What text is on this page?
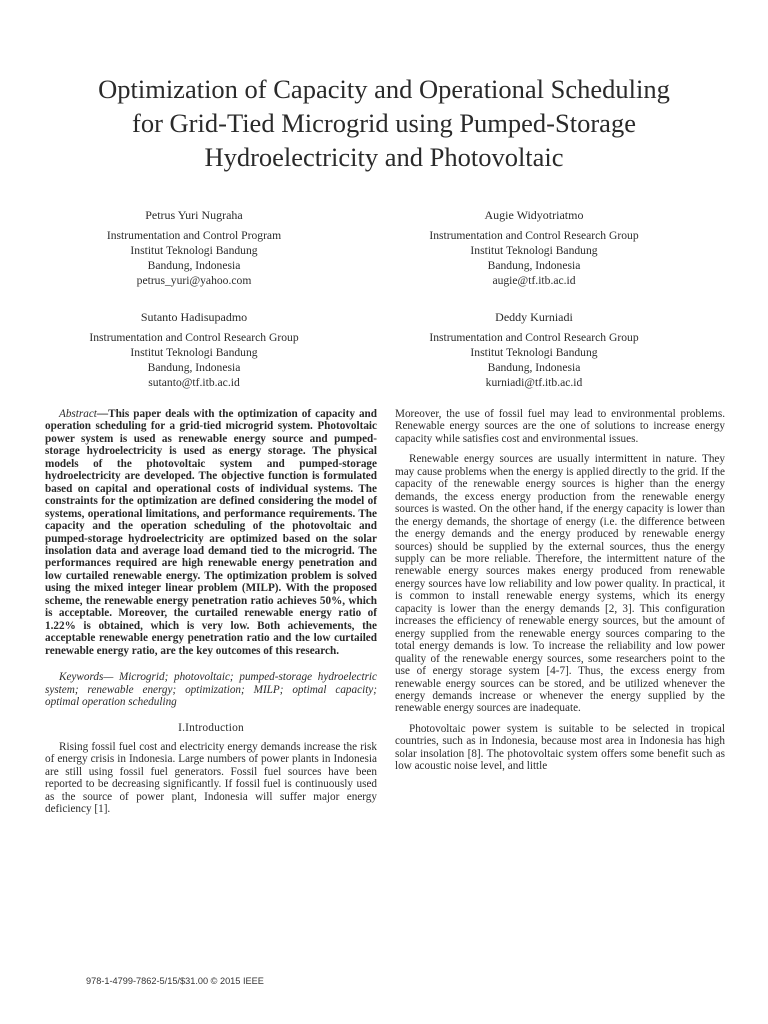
Optimization of Capacity and Operational Scheduling
for Grid-Tied Microgrid using Pumped-Storage
Hydroelectricity and Photovoltaic
Petrus Yuri Nugraha
Instrumentation and Control Program
Institut Teknologi Bandung
Bandung, Indonesia
petrus_yuri@yahoo.com
Augie Widyotriatmo
Instrumentation and Control Research Group
Institut Teknologi Bandung
Bandung, Indonesia
augie@tf.itb.ac.id
Sutanto Hadisupadmo
Instrumentation and Control Research Group
Institut Teknologi Bandung
Bandung, Indonesia
sutanto@tf.itb.ac.id
Deddy Kurniadi
Instrumentation and Control Research Group
Institut Teknologi Bandung
Bandung, Indonesia
kurniadi@tf.itb.ac.id

Abstract—This paper deals with the optimization of capacity and operation scheduling for a grid-tied microgrid system. Photovoltaic power system is used as renewable energy source and pumped-storage hydroelectricity is used as energy storage. The physical models of the photovoltaic system and pumped-storage hydroelectricity are developed. The objective function is formulated based on capital and operational costs of individual systems. The constraints for the optimization are defined considering the model of systems, operational limitations, and performance requirements. The capacity and the operation scheduling of the photovoltaic and pumped-storage hydroelectricity are optimized based on the solar insolation data and average load demand tied to the microgrid. The performances required are high renewable energy penetration and low curtailed renewable energy. The optimization problem is solved using the mixed integer linear problem (MILP). With the proposed scheme, the renewable energy penetration ratio achieves 50%, which is acceptable. Moreover, the curtailed renewable energy ratio of 1.22% is obtained, which is very low. Both achievements, the acceptable renewable energy penetration ratio and the low curtailed renewable energy ratio, are the key outcomes of this research.

Keywords— Microgrid; photovoltaic; pumped-storage hydroelectric system; renewable energy; optimization; MILP; optimal capacity; optimal operation scheduling

I.Introduction

Rising fossil fuel cost and electricity energy demands increase the risk of energy crisis in Indonesia. Large numbers of power plants in Indonesia are still using fossil fuel generators. Fossil fuel sources have been reported to be decreasing significantly. If fossil fuel is continuously used as the source of power plant, Indonesia will suffer major energy deficiency [1].

Moreover, the use of fossil fuel may lead to environmental problems. Renewable energy sources are the one of solutions to increase energy capacity while satisfies cost and environmental issues.

Renewable energy sources are usually intermittent in nature. They may cause problems when the energy is applied directly to the grid. If the capacity of the renewable energy sources is higher than the energy demands, the excess energy production from the renewable energy sources is wasted. On the other hand, if the energy capacity is lower than the energy demands, the shortage of energy (i.e. the difference between the energy demands and the energy produced by renewable energy sources) should be supplied by the external sources, thus the energy supply can be more reliable. Therefore, the intermittent nature of the renewable energy sources makes energy produced from renewable energy sources have low reliability and low power quality. In practical, it is common to install renewable energy systems, which its energy capacity is lower than the energy demands [2, 3]. This configuration increases the efficiency of renewable energy sources, but the amount of energy supplied from the renewable energy sources comparing to the total energy demands is low. To increase the reliability and low power quality of the renewable energy sources, some researchers point to the use of energy storage system [4-7]. Thus, the excess energy from renewable energy sources can be stored, and be utilized whenever the energy demands increase or whenever the energy supplied by the renewable energy sources are inadequate.

Photovoltaic power system is suitable to be selected in tropical countries, such as in Indonesia, because most area in Indonesia has high solar insolation [8]. The photovoltaic system offers some benefit such as low acoustic noise level, and little

978-1-4799-7862-5/15/$31.00 © 2015 IEEE
